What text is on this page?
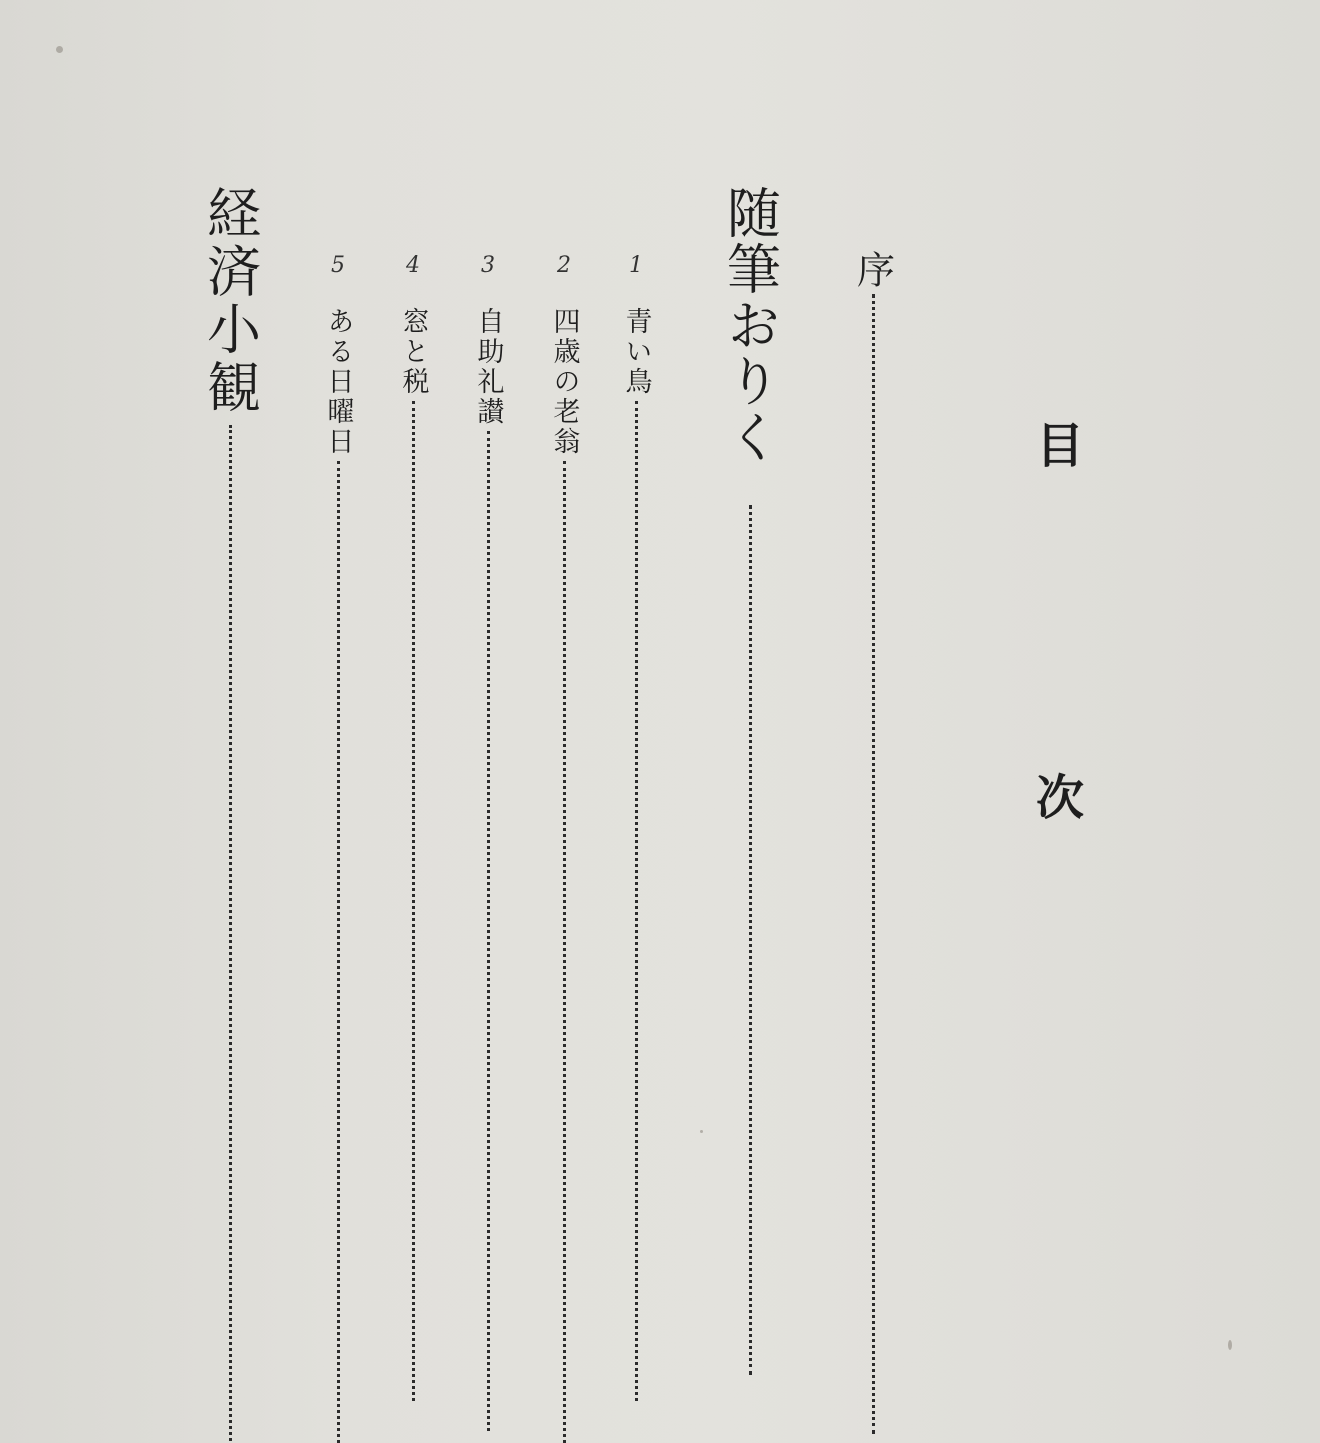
目 次
序
随筆おりく
1
青い鳥
2
四歳の老翁
3
自助礼讃
4
窓と税
5
ある日曜日
経済小観
